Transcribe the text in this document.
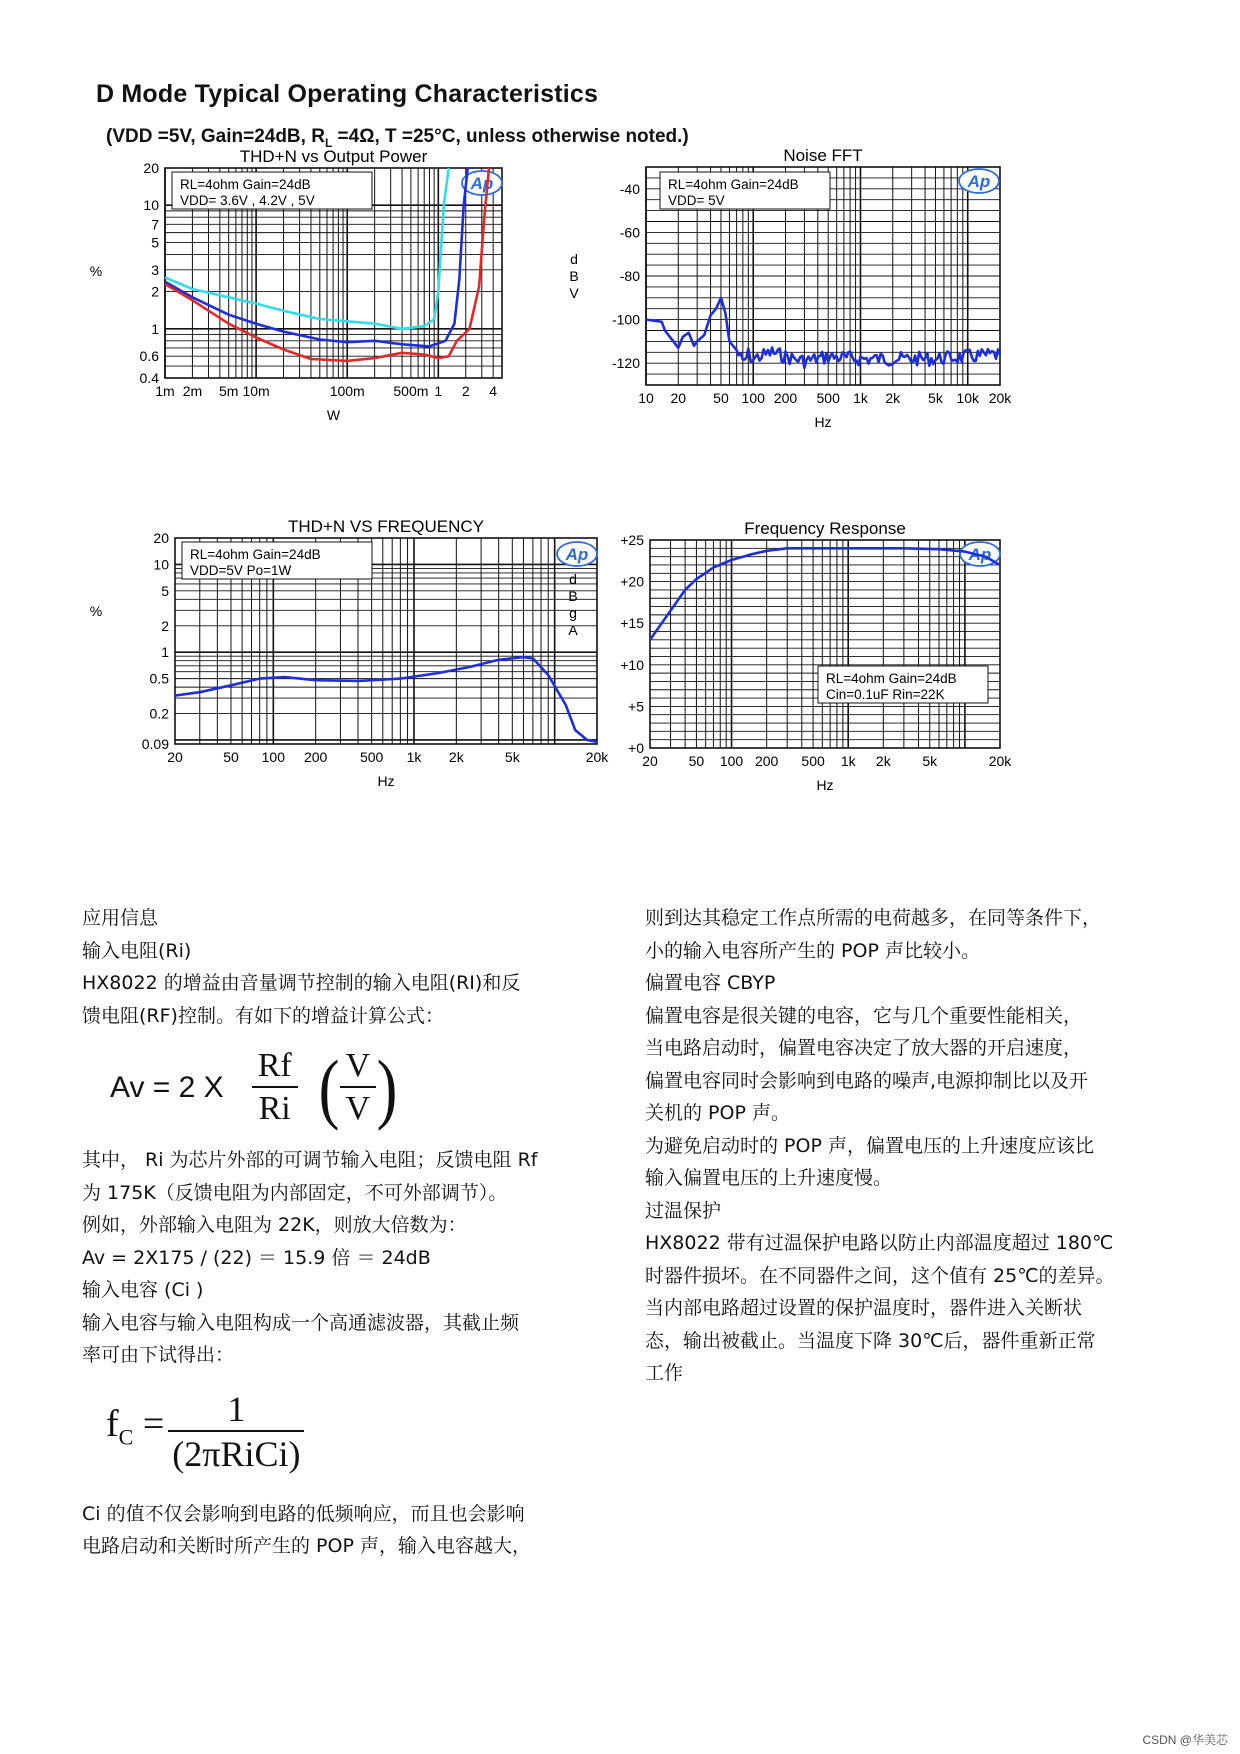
D Mode Typical Operating Characteristics
(VDD =5V, Gain=24dB, $R_L =4\Omega$, T =25°C, unless otherwise noted.)
THD+N vs Output Power
RL=4ohm Gain=24dB
VDD= 3.6V , 4.2V , 5V
Ap
1m 2m 5m 10m	100m 500m 1 2 4
20
10
7
5
3
2
1
0.6
0.4
W
%
Noise FFT
RL=4ohm Gain=24dB
VDD= 5V
Ap
10 20 50 100 200 500 1k 2k 5k 10k 20k
-40
-60
-80
-100
-120
Hz
d
B
V
THD+N VS FREQUENCY
RL=4ohm Gain=24dB
VDD=5V Po=1W
Ap
20	50 100 200 500 1k 2k	5k	20k
20
10
5
2
1
0.5
0.2
0.09
Hz
%
Frequency Response
RL=4ohm Gain=24dB
Cin=0.1uF Rin=22K
Ap
20 50 100 200 500 1k 2k 5k	20k
+25
+20
+15
+10
+5
+0
Hz
d
B
g
A

应用信息

输入电阻(Ri)

HX8022 的增益由音量调节控制的输入电阻(RI)和反

馈电阻(RF)控制。有如下的增益计算公式：

Av = 2 X $\frac{Rf}{Ri}$ ( $\frac{V}{V}$ )

其中， Ri 为芯片外部的可调节输入电阻；反馈电阻 Rf

为 175K（反馈电阻为内部固定，不可外部调节）。

例如，外部输入电阻为 22K，则放大倍数为：

Av = 2X175 / (22) ＝ 15.9 倍 ＝ 24dB

输入电容 (Ci )

输入电容与输入电阻构成一个高通滤波器，其截止频

率可由下试得出：

$f_C = \frac{1}{\text{(2πRiCi)}}$

Ci 的值不仅会影响到电路的低频响应，而且也会影响

电路启动和关断时所产生的 POP 声，输入电容越大，

则到达其稳定工作点所需的电荷越多，在同等条件下，

小的输入电容所产生的 POP 声比较小。

偏置电容 CBYP

偏置电容是很关键的电容，它与几个重要性能相关，

当电路启动时，偏置电容决定了放大器的开启速度，

偏置电容同时会影响到电路的噪声,电源抑制比以及开

关机的 POP 声。

为避免启动时的 POP 声，偏置电压的上升速度应该比

输入偏置电压的上升速度慢。

过温保护

HX8022 带有过温保护电路以防止内部温度超过 180℃

时器件损坏。在不同器件之间，这个值有 25℃的差异。

当内部电路超过设置的保护温度时，器件进入关断状

态，输出被截止。当温度下降 30℃后，器件重新正常

工作

CSDN @华美芯
